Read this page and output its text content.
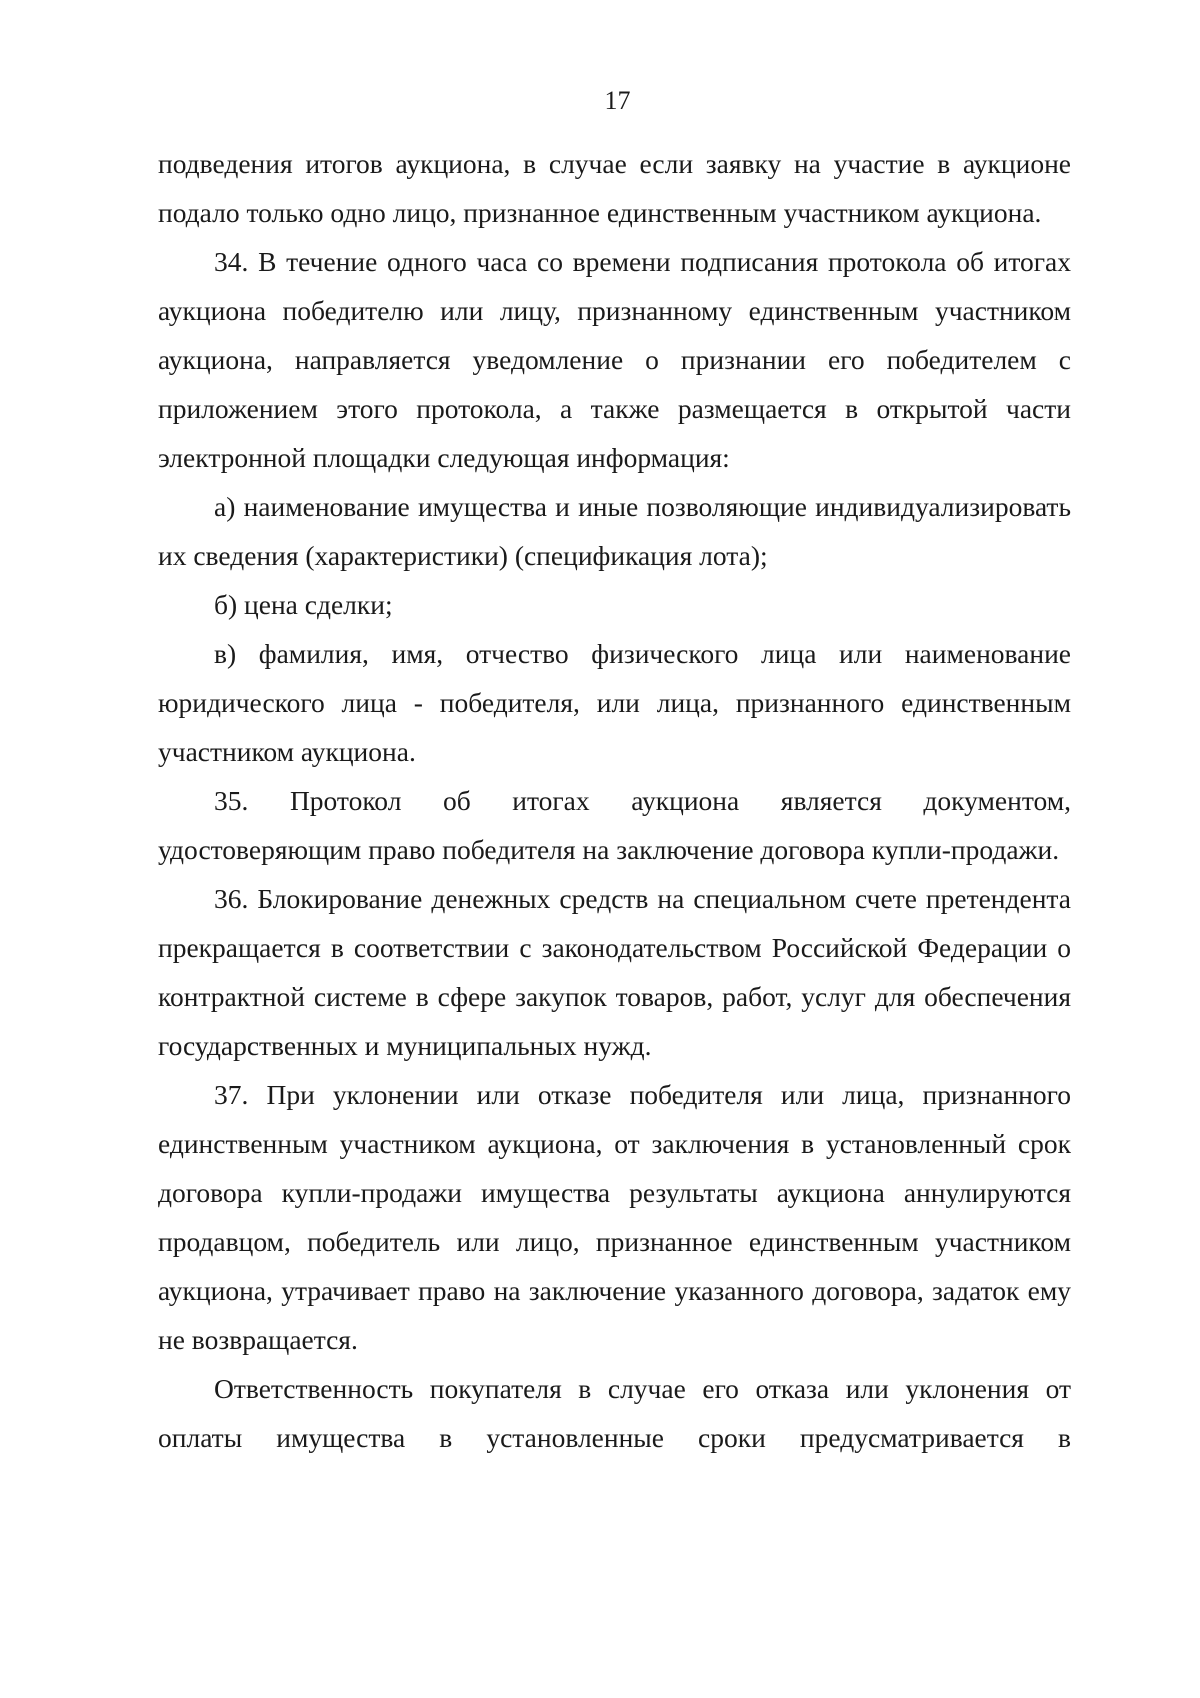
17

подведения итогов аукциона, в случае если заявку на участие в аукционе подало только одно лицо, признанное единственным участником аукциона.

34. В течение одного часа со времени подписания протокола об итогах аукциона победителю или лицу, признанному единственным участником аукциона, направляется уведомление о признании его победителем с приложением этого протокола, а также размещается в открытой части электронной площадки следующая информация:

а) наименование имущества и иные позволяющие индивидуализировать их сведения (характеристики) (спецификация лота);

б) цена сделки;

в) фамилия, имя, отчество физического лица или наименование юридического лица - победителя, или лица, признанного единственным участником аукциона.

35. Протокол об итогах аукциона является документом, удостоверяющим право победителя на заключение договора купли-продажи.

36. Блокирование денежных средств на специальном счете претендента прекращается в соответствии с законодательством Российской Федерации о контрактной системе в сфере закупок товаров, работ, услуг для обеспечения государственных и муниципальных нужд.

37. При уклонении или отказе победителя или лица, признанного единственным участником аукциона, от заключения в установленный срок договора купли-продажи имущества результаты аукциона аннулируются продавцом, победитель или лицо, признанное единственным участником аукциона, утрачивает право на заключение указанного договора, задаток ему не возвращается.

Ответственность покупателя в случае его отказа или уклонения от оплаты имущества в установленные сроки предусматривается в
